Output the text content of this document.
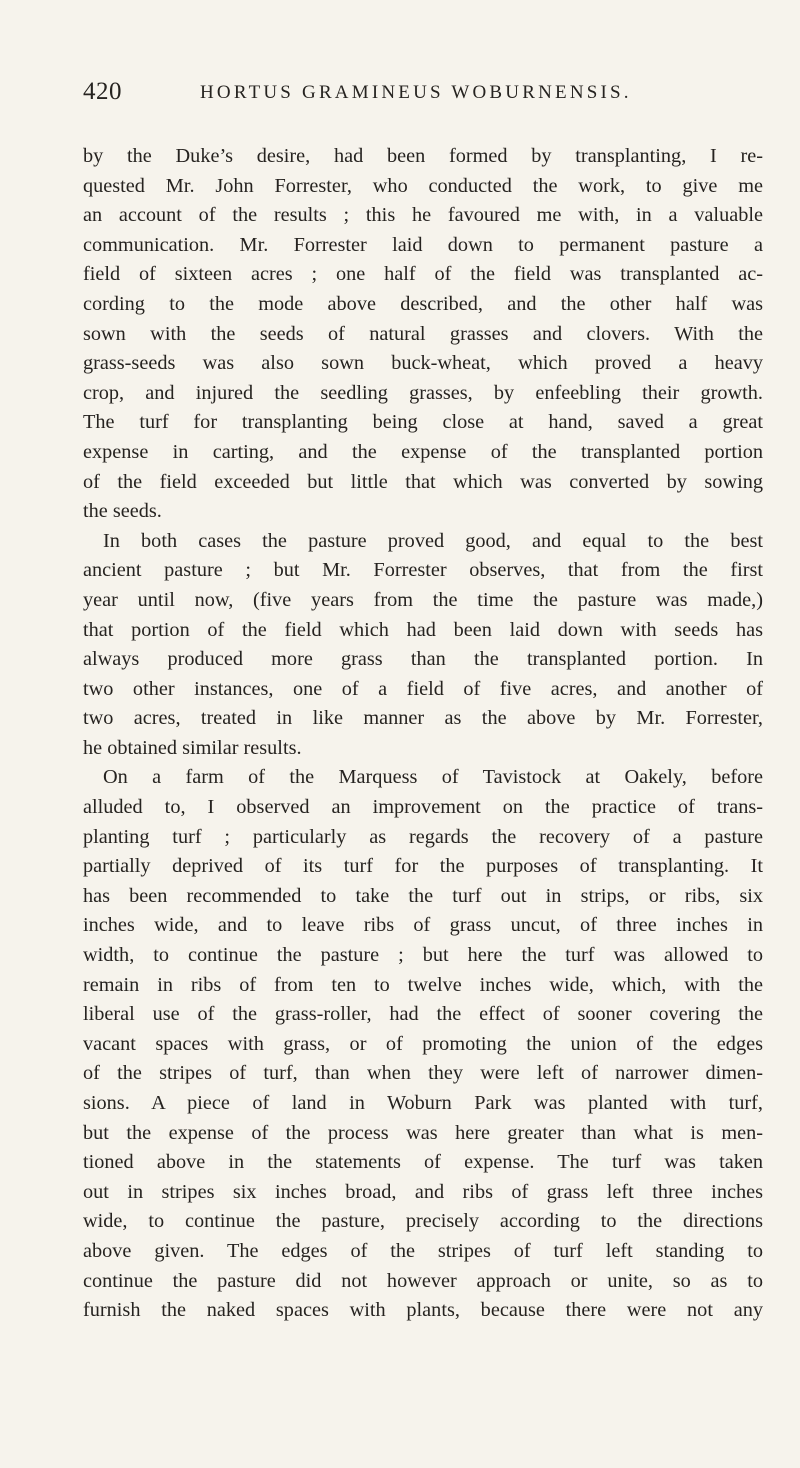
420	HORTUS GRAMINEUS WOBURNENSIS.
by the Duke’s desire, had been formed by transplanting, I re-
quested Mr. John Forrester, who conducted the work, to give me
an account of the results ; this he favoured me with, in a valuable
communication. Mr. Forrester laid down to permanent pasture a
field of sixteen acres ; one half of the field was transplanted ac-
cording to the mode above described, and the other half was
sown with the seeds of natural grasses and clovers. With the
grass-seeds was also sown buck-wheat, which proved a heavy
crop, and injured the seedling grasses, by enfeebling their growth.
The turf for transplanting being close at hand, saved a great
expense in carting, and the expense of the transplanted portion
of the field exceeded but little that which was converted by sowing
the seeds.
In both cases the pasture proved good, and equal to the best
ancient pasture ; but Mr. Forrester observes, that from the first
year until now, (five years from the time the pasture was made,)
that portion of the field which had been laid down with seeds has
always produced more grass than the transplanted portion. In
two other instances, one of a field of five acres, and another of
two acres, treated in like manner as the above by Mr. Forrester,
he obtained similar results.
On a farm of the Marquess of Tavistock at Oakely, before
alluded to, I observed an improvement on the practice of trans-
planting turf ; particularly as regards the recovery of a pasture
partially deprived of its turf for the purposes of transplanting. It
has been recommended to take the turf out in strips, or ribs, six
inches wide, and to leave ribs of grass uncut, of three inches in
width, to continue the pasture ; but here the turf was allowed to
remain in ribs of from ten to twelve inches wide, which, with the
liberal use of the grass-roller, had the effect of sooner covering the
vacant spaces with grass, or of promoting the union of the edges
of the stripes of turf, than when they were left of narrower dimen-
sions. A piece of land in Woburn Park was planted with turf,
but the expense of the process was here greater than what is men-
tioned above in the statements of expense. The turf was taken
out in stripes six inches broad, and ribs of grass left three inches
wide, to continue the pasture, precisely according to the directions
above given. The edges of the stripes of turf left standing to
continue the pasture did not however approach or unite, so as to
furnish the naked spaces with plants, because there were not any
